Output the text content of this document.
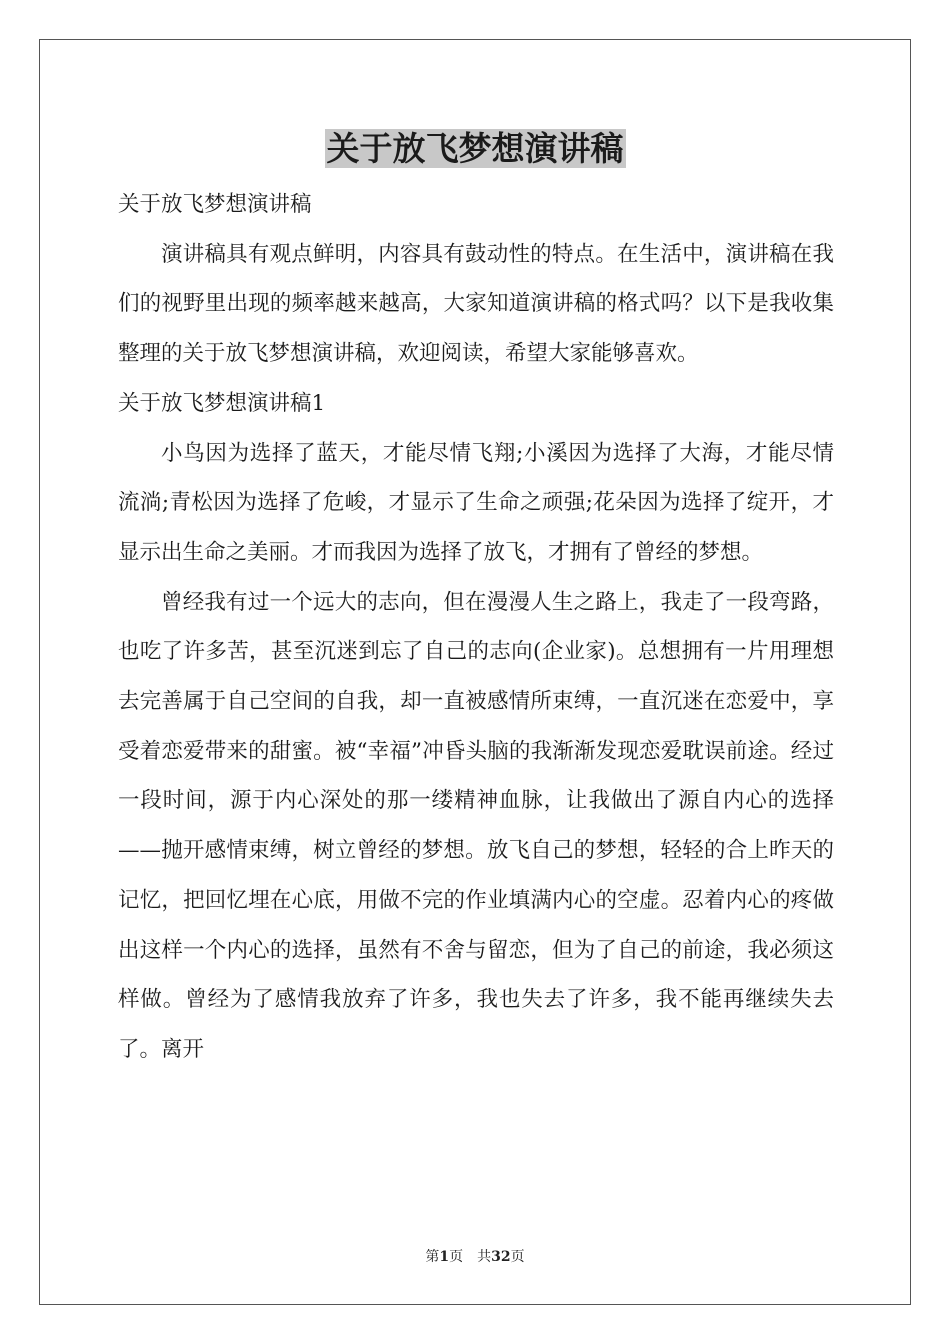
关于放飞梦想演讲稿

关于放飞梦想演讲稿

演讲稿具有观点鲜明，内容具有鼓动性的特点。在生活中，演讲稿在我们的视野里出现的频率越来越高，大家知道演讲稿的格式吗？以下是我收集整理的关于放飞梦想演讲稿，欢迎阅读，希望大家能够喜欢。

关于放飞梦想演讲稿1

小鸟因为选择了蓝天，才能尽情飞翔;小溪因为选择了大海，才能尽情流淌;青松因为选择了危峻，才显示了生命之顽强;花朵因为选择了绽开，才显示出生命之美丽。才而我因为选择了放飞，才拥有了曾经的梦想。

曾经我有过一个远大的志向，但在漫漫人生之路上，我走了一段弯路，也吃了许多苦，甚至沉迷到忘了自己的志向(企业家)。总想拥有一片用理想去完善属于自己空间的自我，却一直被感情所束缚，一直沉迷在恋爱中，享受着恋爱带来的甜蜜。被“幸福”冲昏头脑的我渐渐发现恋爱耽误前途。经过一段时间，源于内心深处的那一缕精神血脉，让我做出了源自内心的选择——抛开感情束缚，树立曾经的梦想。放飞自己的梦想，轻轻的合上昨天的记忆，把回忆埋在心底，用做不完的作业填满内心的空虚。忍着内心的疼做出这样一个内心的选择，虽然有不舍与留恋，但为了自己的前途，我必须这样做。曾经为了感情我放弃了许多，我也失去了许多，我不能再继续失去了。离开

第1页 共32页
